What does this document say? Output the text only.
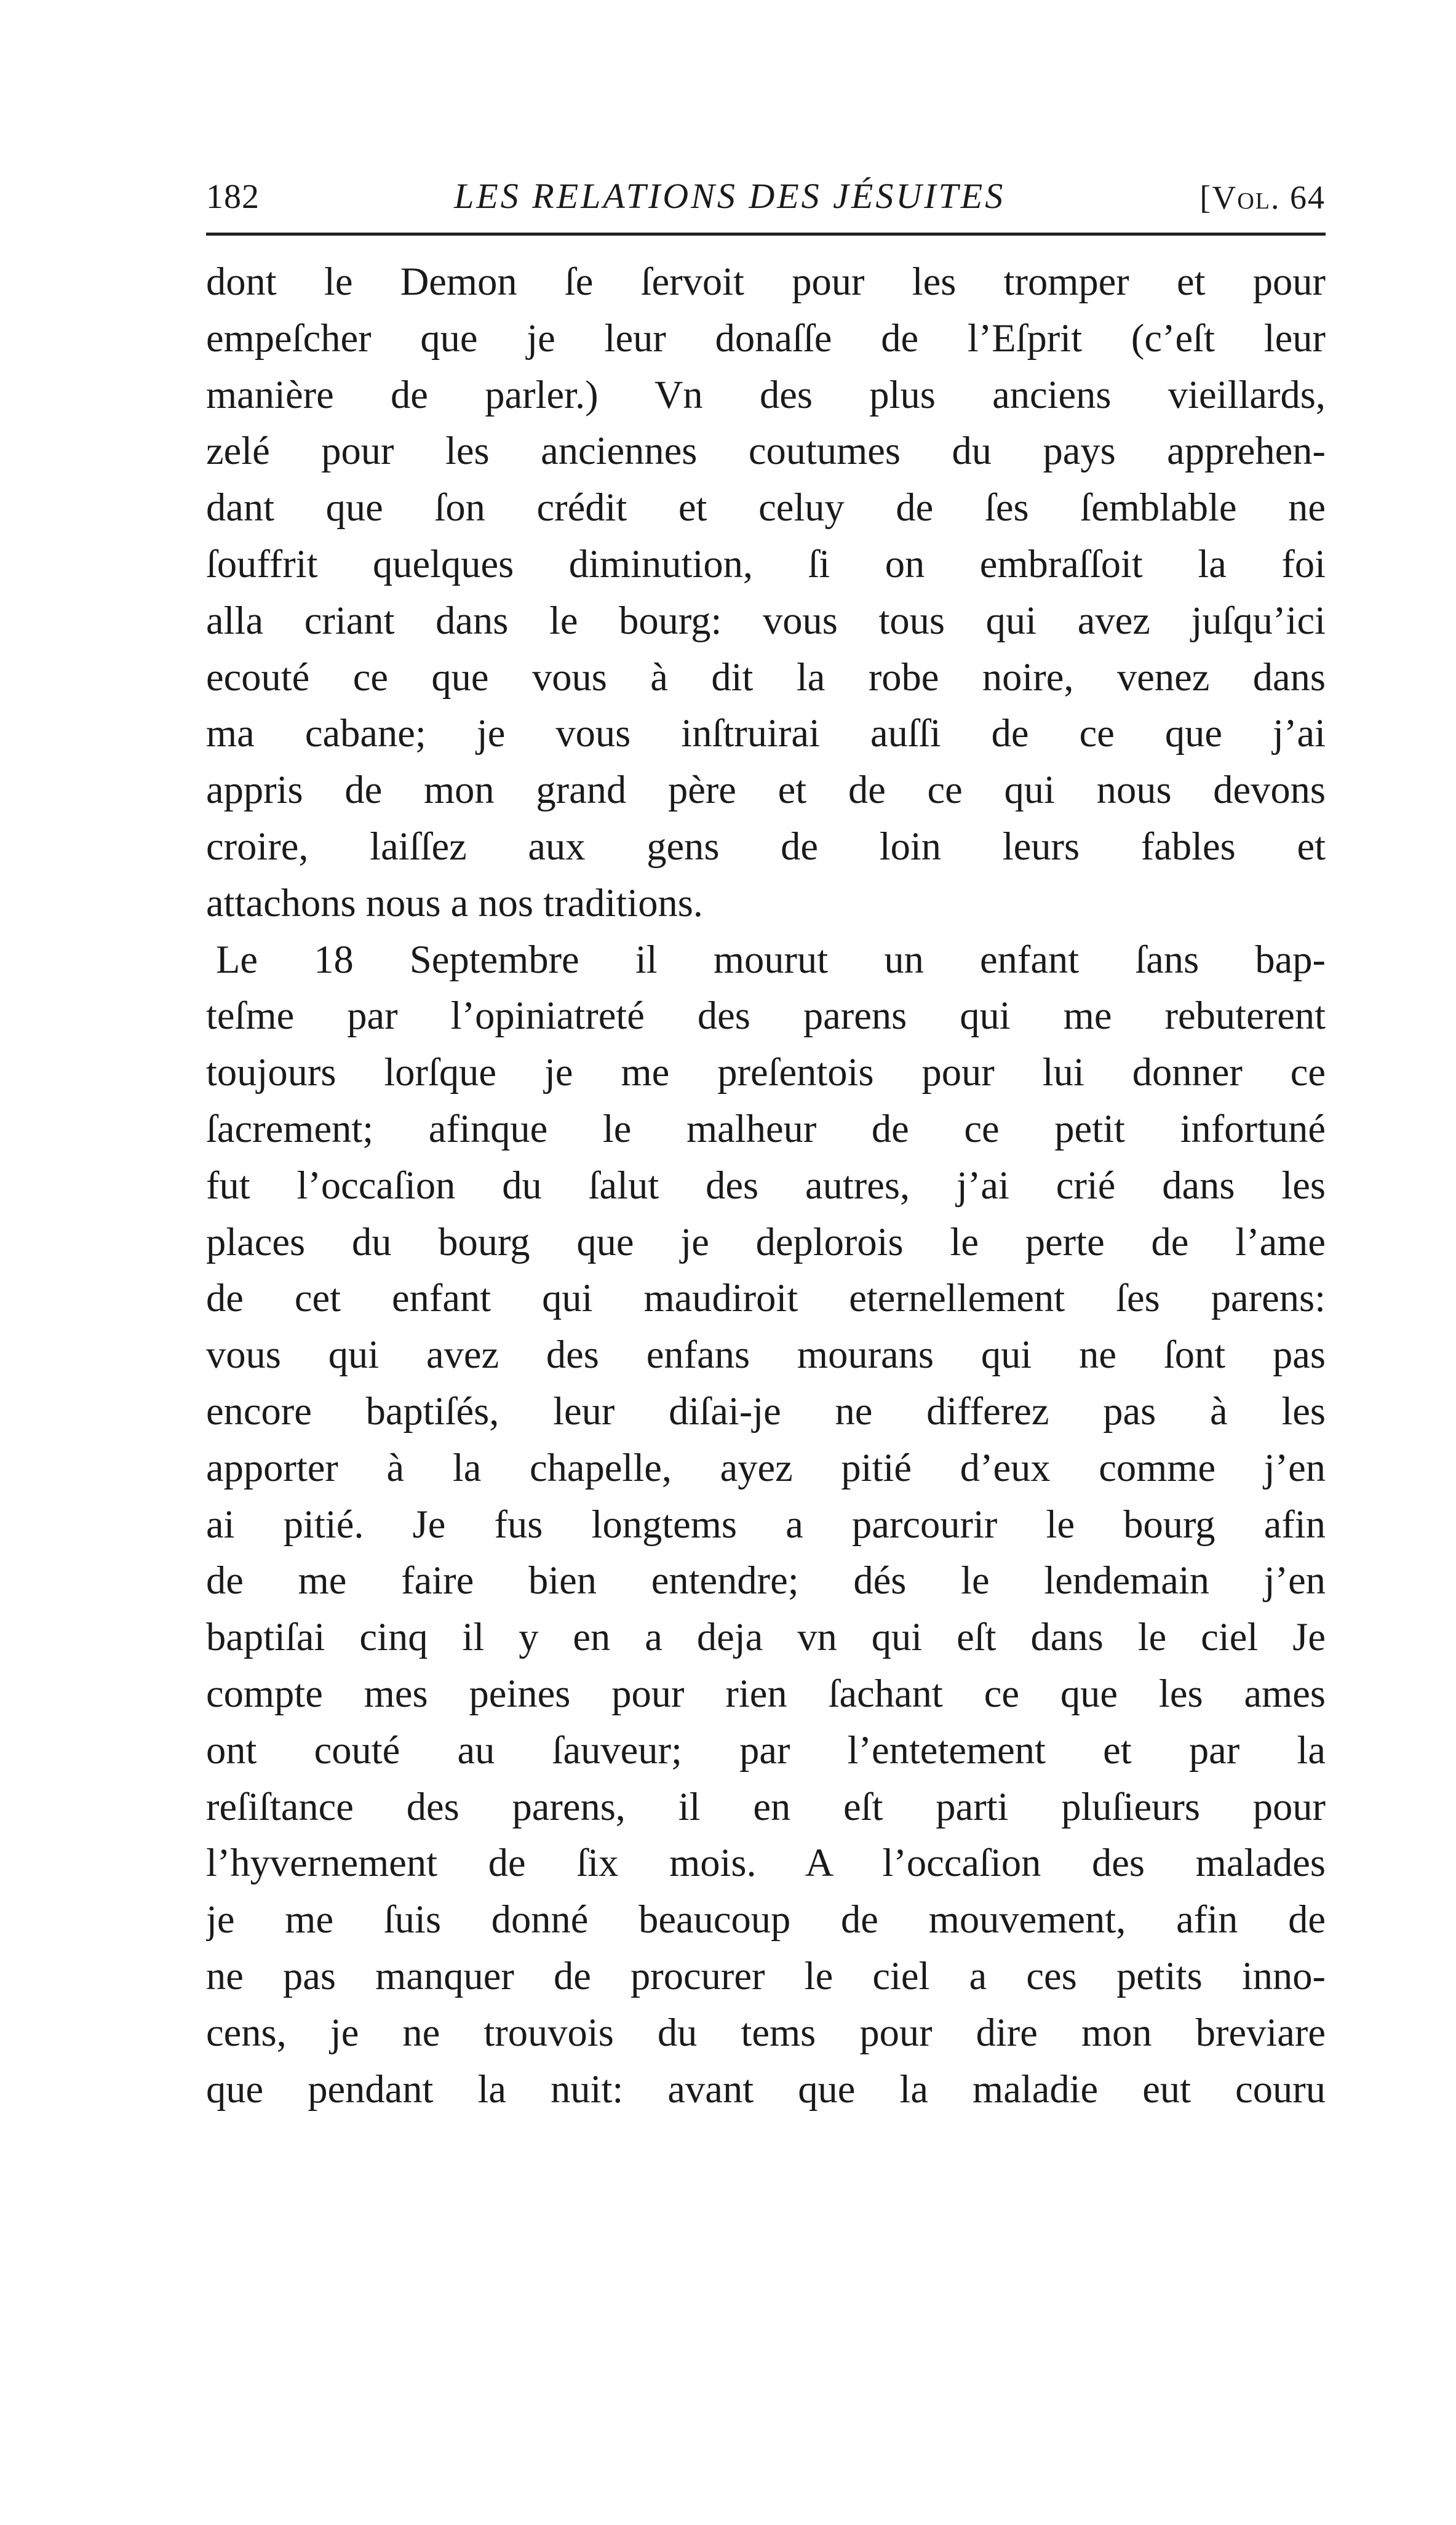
182	LES RELATIONS DES JÉSUITES	[Vol. 64
dont le Demon ſe ſervoit pour les tromper et pour
empeſcher que je leur donaſſe de l’Eſprit (c’eſt leur
manière de parler.) Vn des plus anciens vieillards,
zelé pour les anciennes coutumes du pays apprehen-
dant que ſon crédit et celuy de ſes ſemblable ne
ſouffrit quelques diminution, ſi on embraſſoit la foi
alla criant dans le bourg: vous tous qui avez juſqu’ici
ecouté ce que vous à dit la robe noire, venez dans
ma cabane; je vous inſtruirai auſſi de ce que j’ai
appris de mon grand père et de ce qui nous devons
croire, laiſſez aux gens de loin leurs fables et
attachons nous a nos traditions.
Le 18 Septembre il mourut un enfant ſans bap-
teſme par l’opiniatreté des parens qui me rebuterent
toujours lorſque je me preſentois pour lui donner ce
ſacrement; afinque le malheur de ce petit infortuné
fut l’occaſion du ſalut des autres, j’ai crié dans les
places du bourg que je deplorois le perte de l’ame
de cet enfant qui maudiroit eternellement ſes parens:
vous qui avez des enfans mourans qui ne ſont pas
encore baptiſés, leur diſai-je ne differez pas à les
apporter à la chapelle, ayez pitié d’eux comme j’en
ai pitié. Je fus longtems a parcourir le bourg afin
de me faire bien entendre; dés le lendemain j’en
baptiſai cinq il y en a deja vn qui eſt dans le ciel Je
compte mes peines pour rien ſachant ce que les ames
ont couté au ſauveur; par l’entetement et par la
reſiſtance des parens, il en eſt parti pluſieurs pour
l’hyvernement de ſix mois. A l’occaſion des malades
je me ſuis donné beaucoup de mouvement, afin de
ne pas manquer de procurer le ciel a ces petits inno-
cens, je ne trouvois du tems pour dire mon breviare
que pendant la nuit: avant que la maladie eut couru
